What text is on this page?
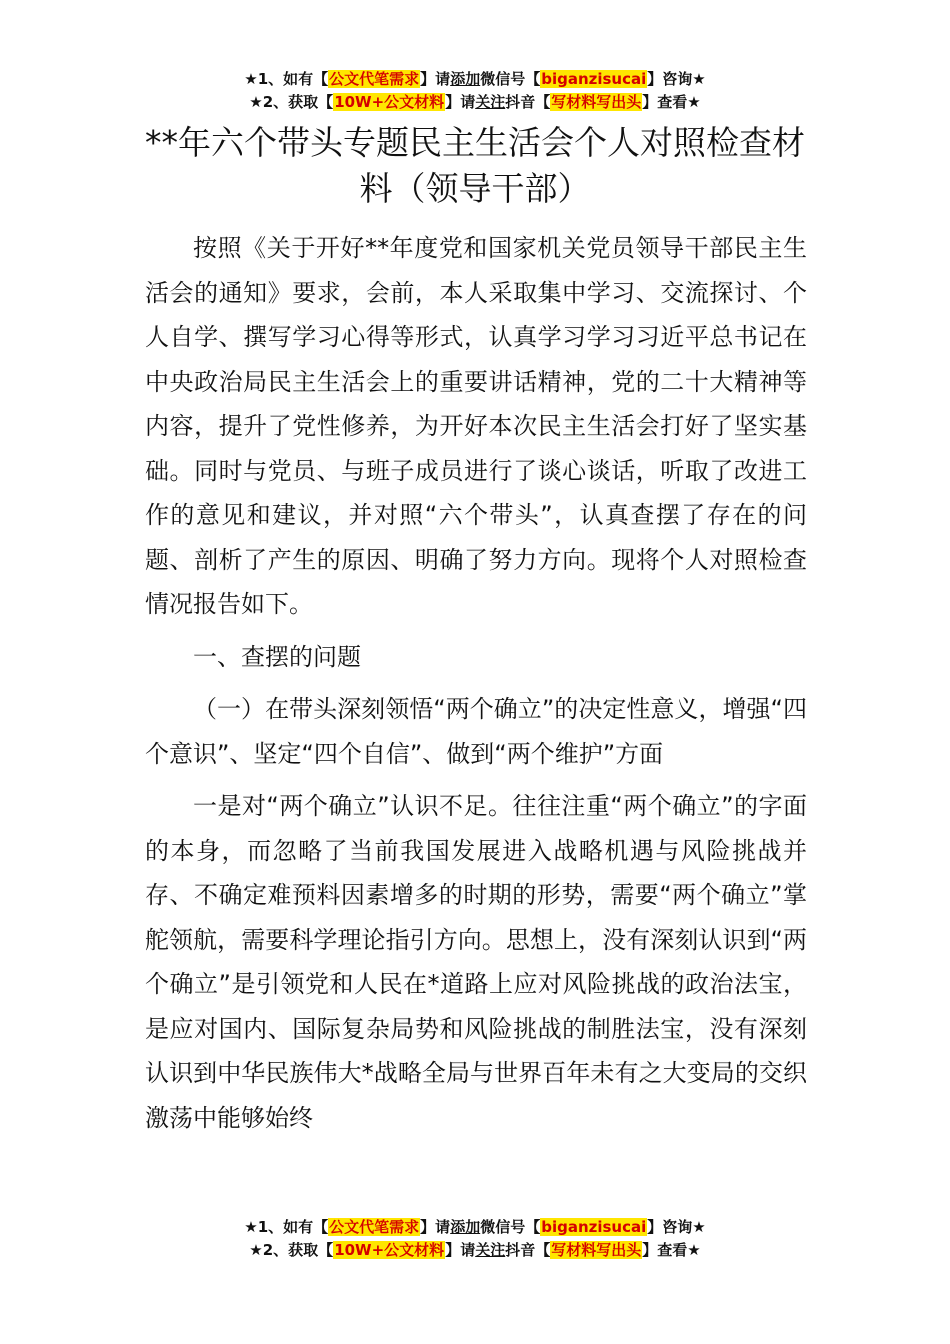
★1、如有【公文代笔需求】请添加微信号【biganzisucai】咨询★
★2、获取【10W+公文材料】请关注抖音【写材料写出头】查看★
**年六个带头专题民主生活会个人对照检查材料（领导干部）

按照《关于开好**年度党和国家机关党员领导干部民主生活会的通知》要求，会前，本人采取集中学习、交流探讨、个人自学、撰写学习心得等形式，认真学习学习习近平总书记在中央政治局民主生活会上的重要讲话精神，党的二十大精神等内容，提升了党性修养，为开好本次民主生活会打好了坚实基础。同时与党员、与班子成员进行了谈心谈话，听取了改进工作的意见和建议，并对照“六个带头”，认真查摆了存在的问题、剖析了产生的原因、明确了努力方向。现将个人对照检查情况报告如下。

一、查摆的问题

（一）在带头深刻领悟“两个确立”的决定性意义，增强“四个意识”、坚定“四个自信”、做到“两个维护”方面

一是对“两个确立”认识不足。往往注重“两个确立”的字面的本身，而忽略了当前我国发展进入战略机遇与风险挑战并存、不确定难预料因素增多的时期的形势，需要“两个确立”掌舵领航，需要科学理论指引方向。思想上，没有深刻认识到“两个确立”是引领党和人民在*道路上应对风险挑战的政治法宝，是应对国内、国际复杂局势和风险挑战的制胜法宝，没有深刻认识到中华民族伟大*战略全局与世界百年未有之大变局的交织激荡中能够始终

★1、如有【公文代笔需求】请添加微信号【biganzisucai】咨询★
★2、获取【10W+公文材料】请关注抖音【写材料写出头】查看★
